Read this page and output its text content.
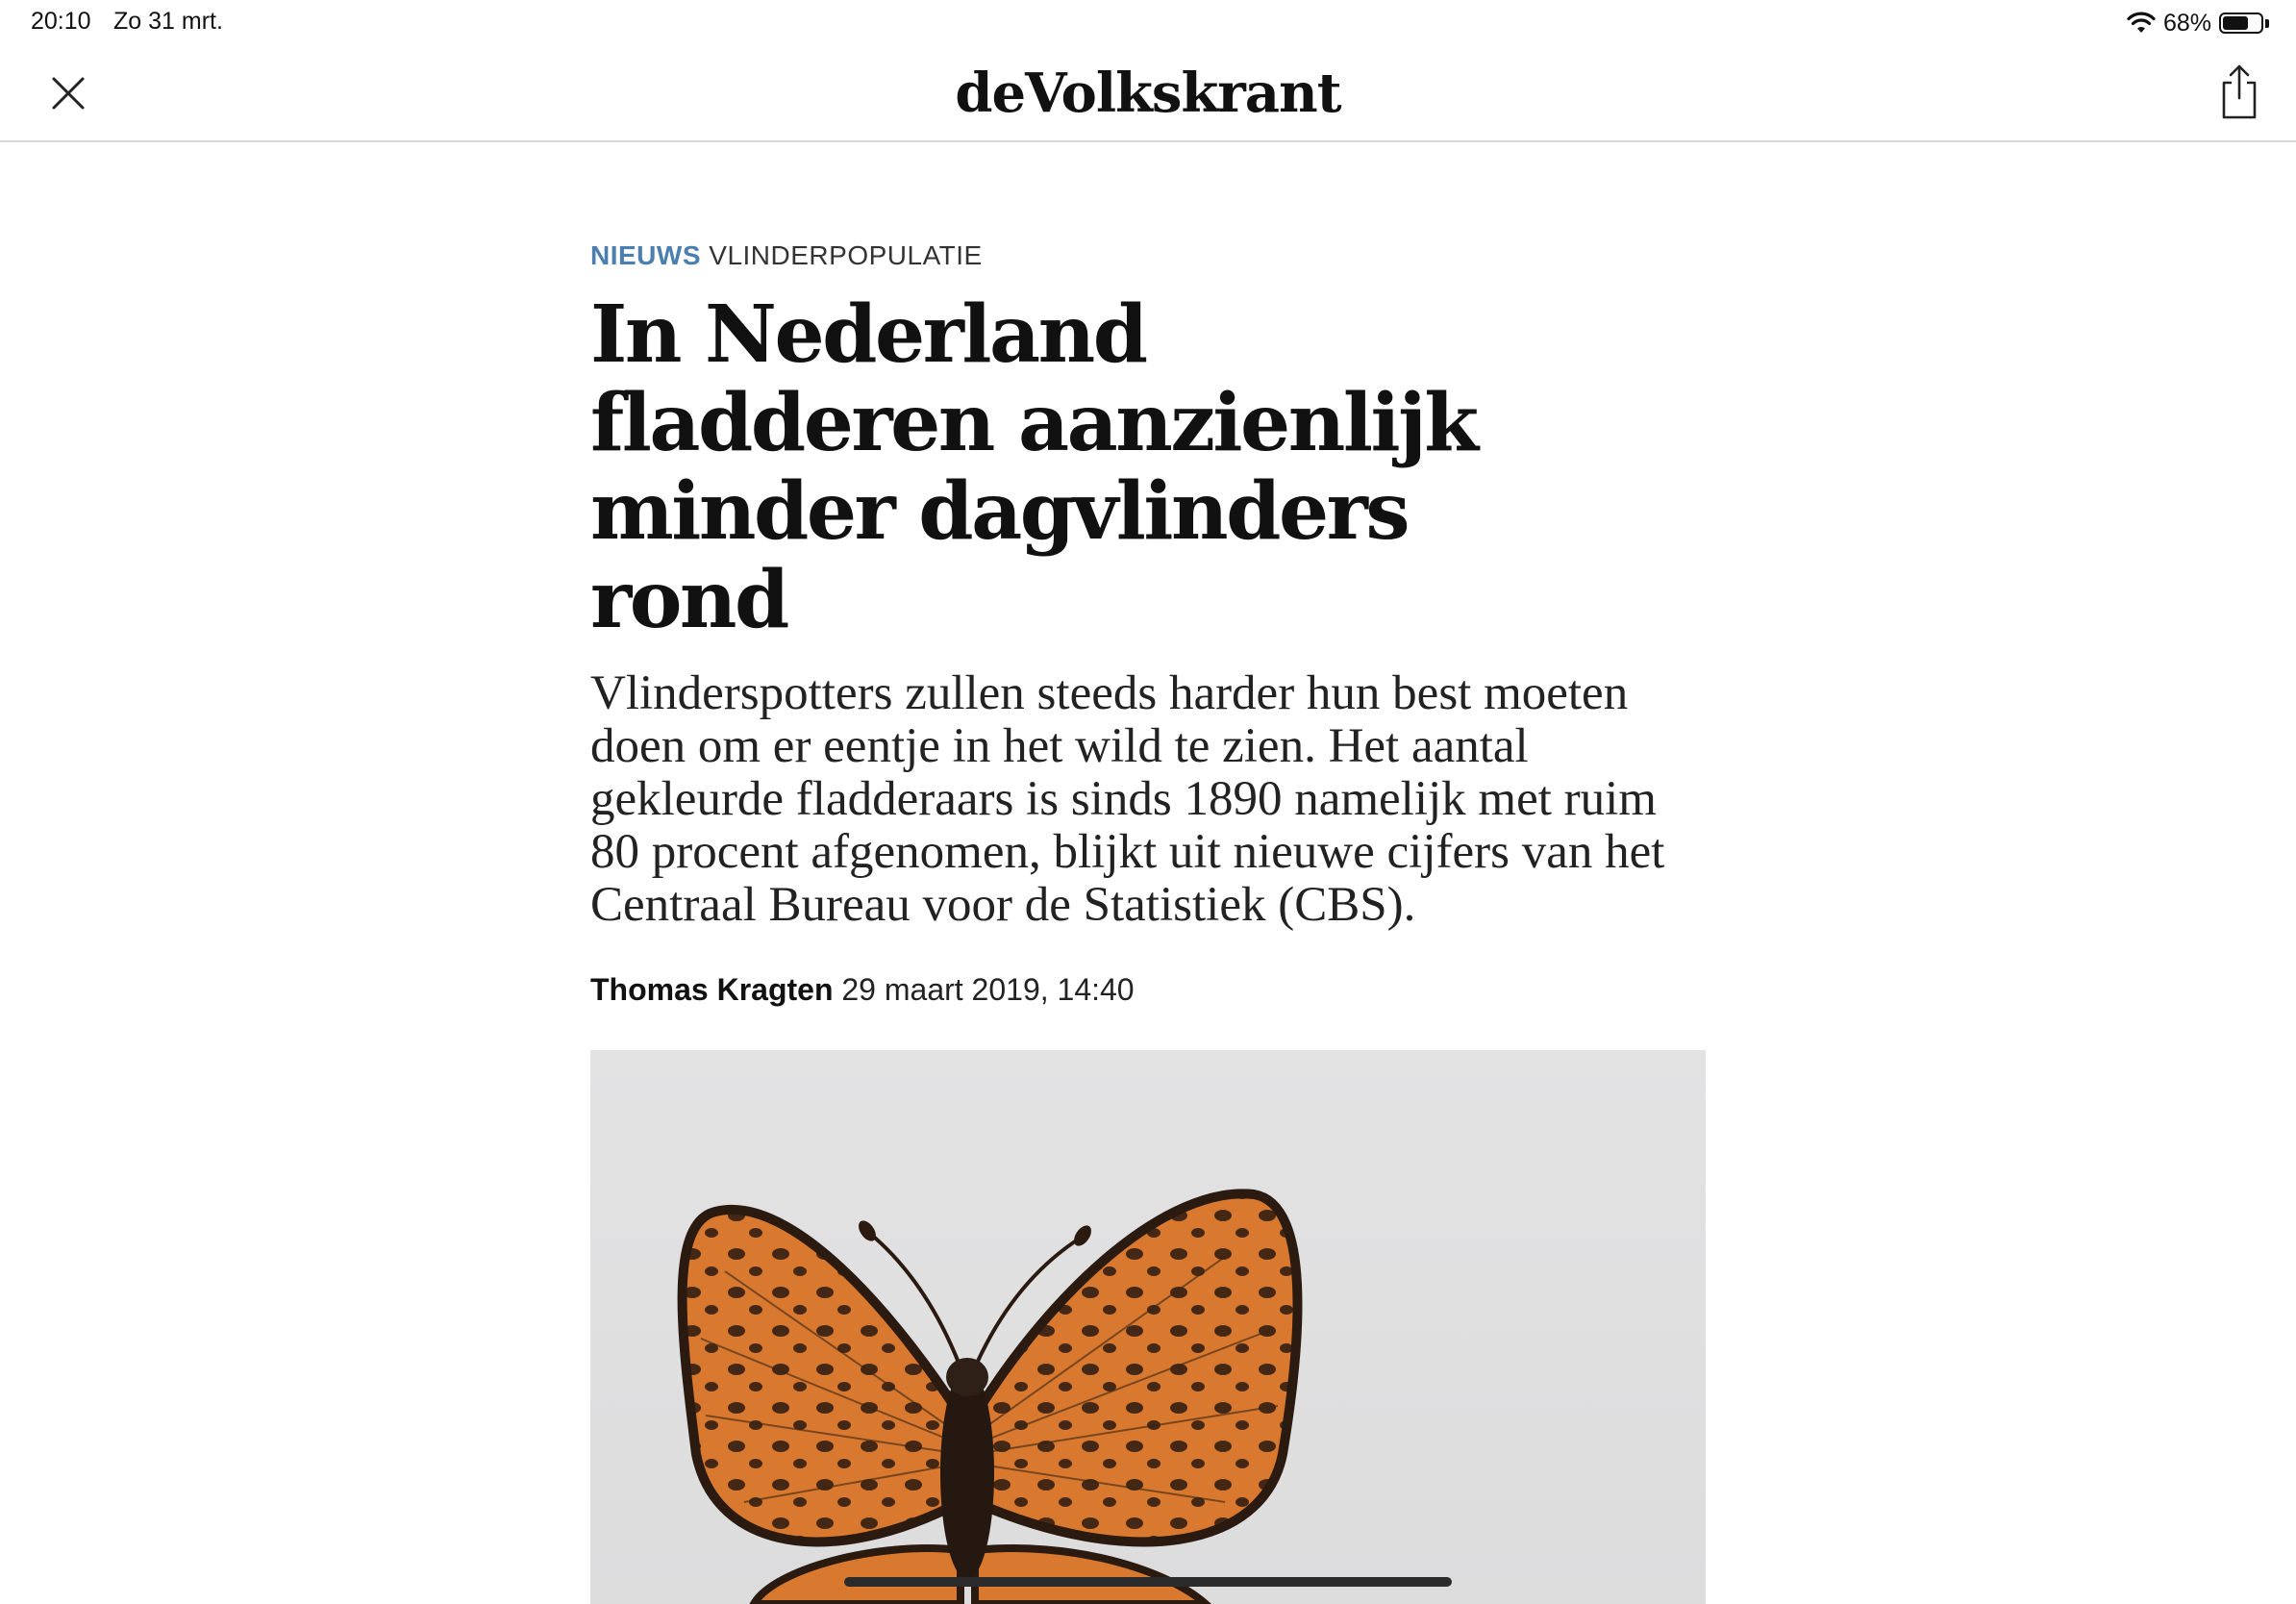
20:10 Zo 31 mrt.	68%
deVolkskrant
NIEUWS VLINDERPOPULATIE
In Nederland fladderen aanzienlijk minder dagvlinders rond

Vlinderspotters zullen steeds harder hun best moeten doen om er eentje in het wild te zien. Het aantal gekleurde fladderaars is sinds 1890 namelijk met ruim 80 procent afgenomen, blijkt uit nieuwe cijfers van het Centraal Bureau voor de Statistiek (CBS).

Thomas Kragten 29 maart 2019, 14:40
